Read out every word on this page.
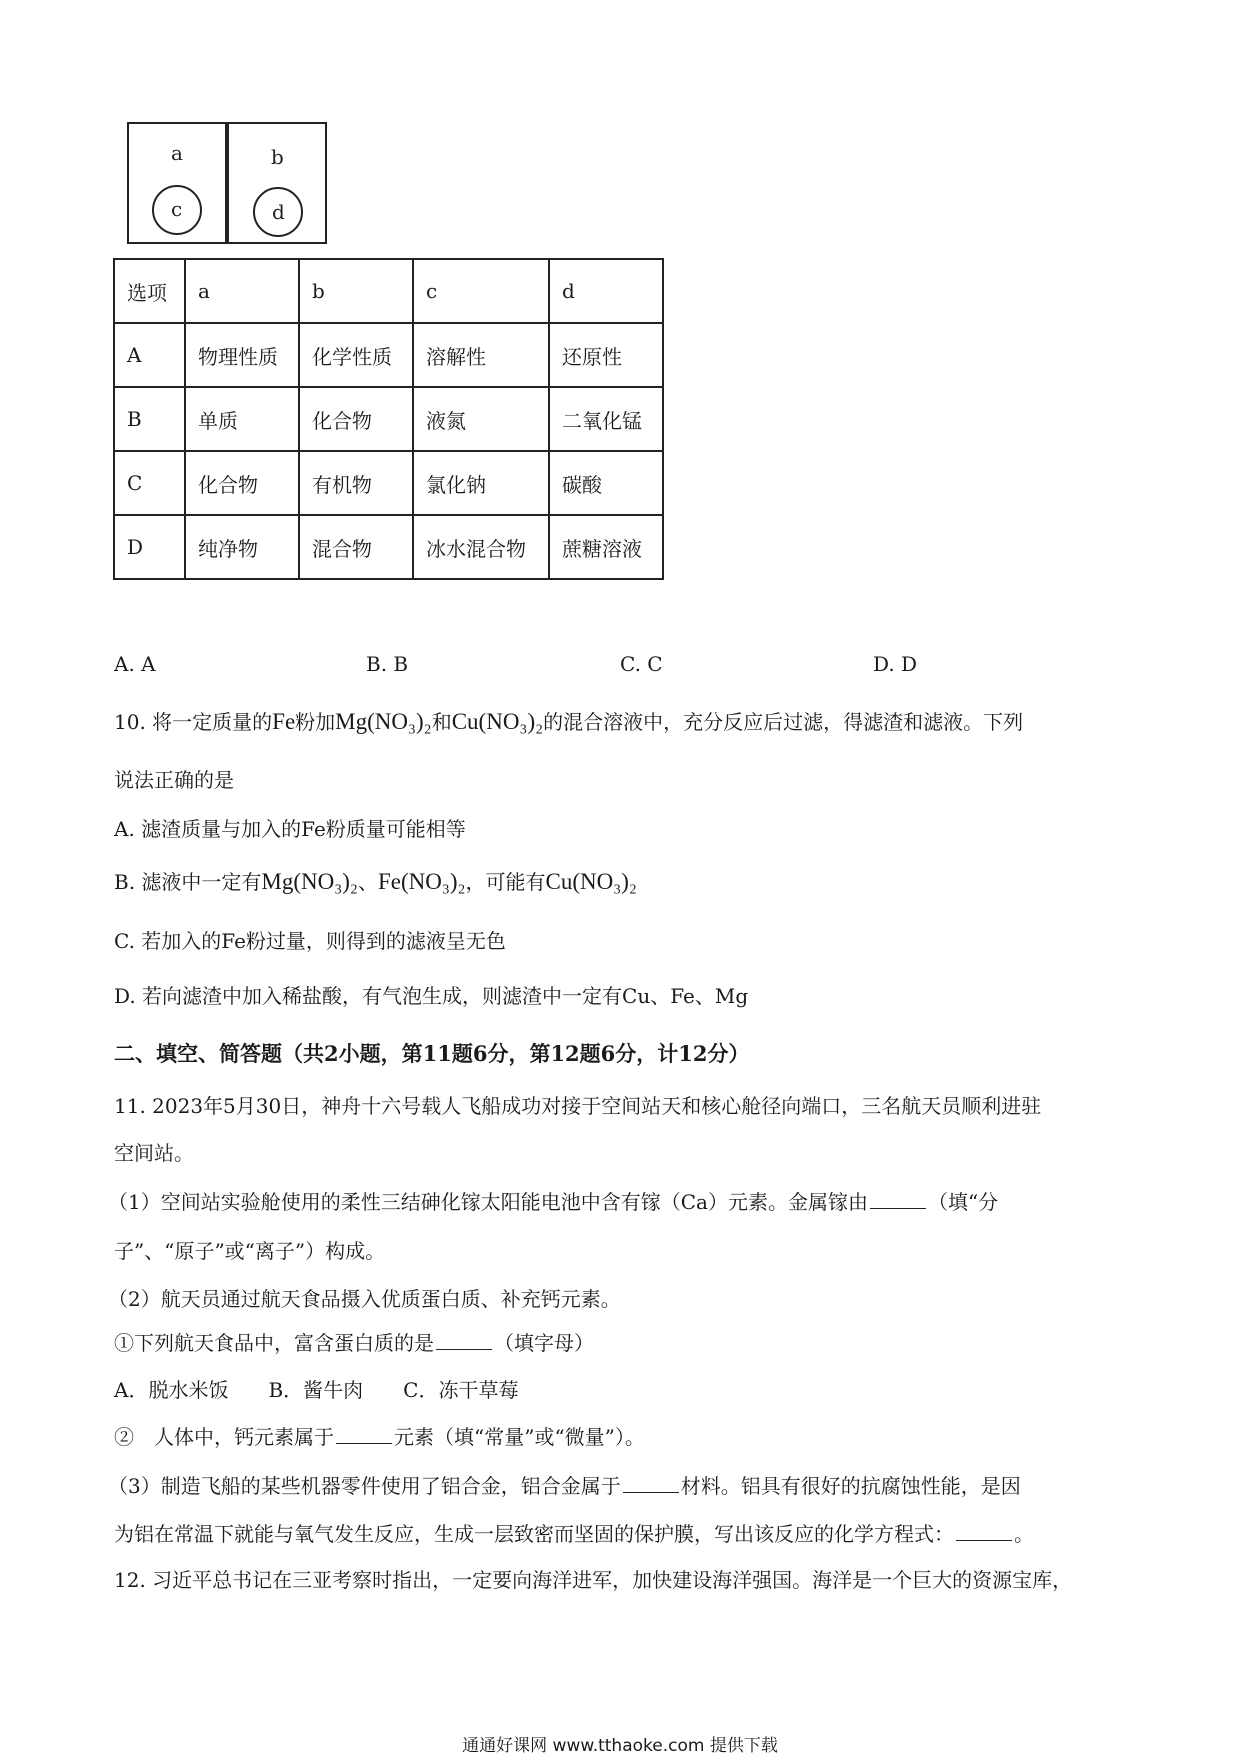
a
c
b
d
选项	a	b	c	d
A	物理性质	化学性质	溶解性	还原性
B	单质	化合物	液氮	二氧化锰
C	化合物	有机物	氯化钠	碳酸
D	纯净物	混合物	冰水混合物	蔗糖溶液
A. A	B. B	C. C	D. D
10. 将一定质量的Fe粉加Mg(NO₃)₂和Cu(NO₃)₂的混合溶液中，充分反应后过滤，得滤渣和滤液。下列
说法正确的是
A. 滤渣质量与加入的Fe粉质量可能相等
B. 滤液中一定有Mg(NO₃)₂、Fe(NO₃)₂，可能有Cu(NO₃)₂
C. 若加入的Fe粉过量，则得到的滤液呈无色
D. 若向滤渣中加入稀盐酸，有气泡生成，则滤渣中一定有Cu、Fe、Mg
二、填空、简答题（共2小题，第11题6分，第12题6分，计12分）
11. 2023年5月30日，神舟十六号载人飞船成功对接于空间站天和核心舱径向端口，三名航天员顺利进驻
空间站。
（1）空间站实验舱使用的柔性三结砷化镓太阳能电池中含有镓（Ca）元素。金属镓由	（填“分
子”、“原子”或“离子”）构成。
（2）航天员通过航天食品摄入优质蛋白质、补充钙元素。
①下列航天食品中，富含蛋白质的是	（填字母）
A．脱水米饭　　B．酱牛肉　　C．冻干草莓
②　人体中，钙元素属于	元素（填“常量”或“微量”）。
（3）制造飞船的某些机器零件使用了铝合金，铝合金属于	材料。铝具有很好的抗腐蚀性能，是因
为铝在常温下就能与氧气发生反应，生成一层致密而坚固的保护膜，写出该反应的化学方程式：	。
12. 习近平总书记在三亚考察时指出，一定要向海洋进军，加快建设海洋强国。海洋是一个巨大的资源宝库，
通通好课网 www.tthaoke.com 提供下载
